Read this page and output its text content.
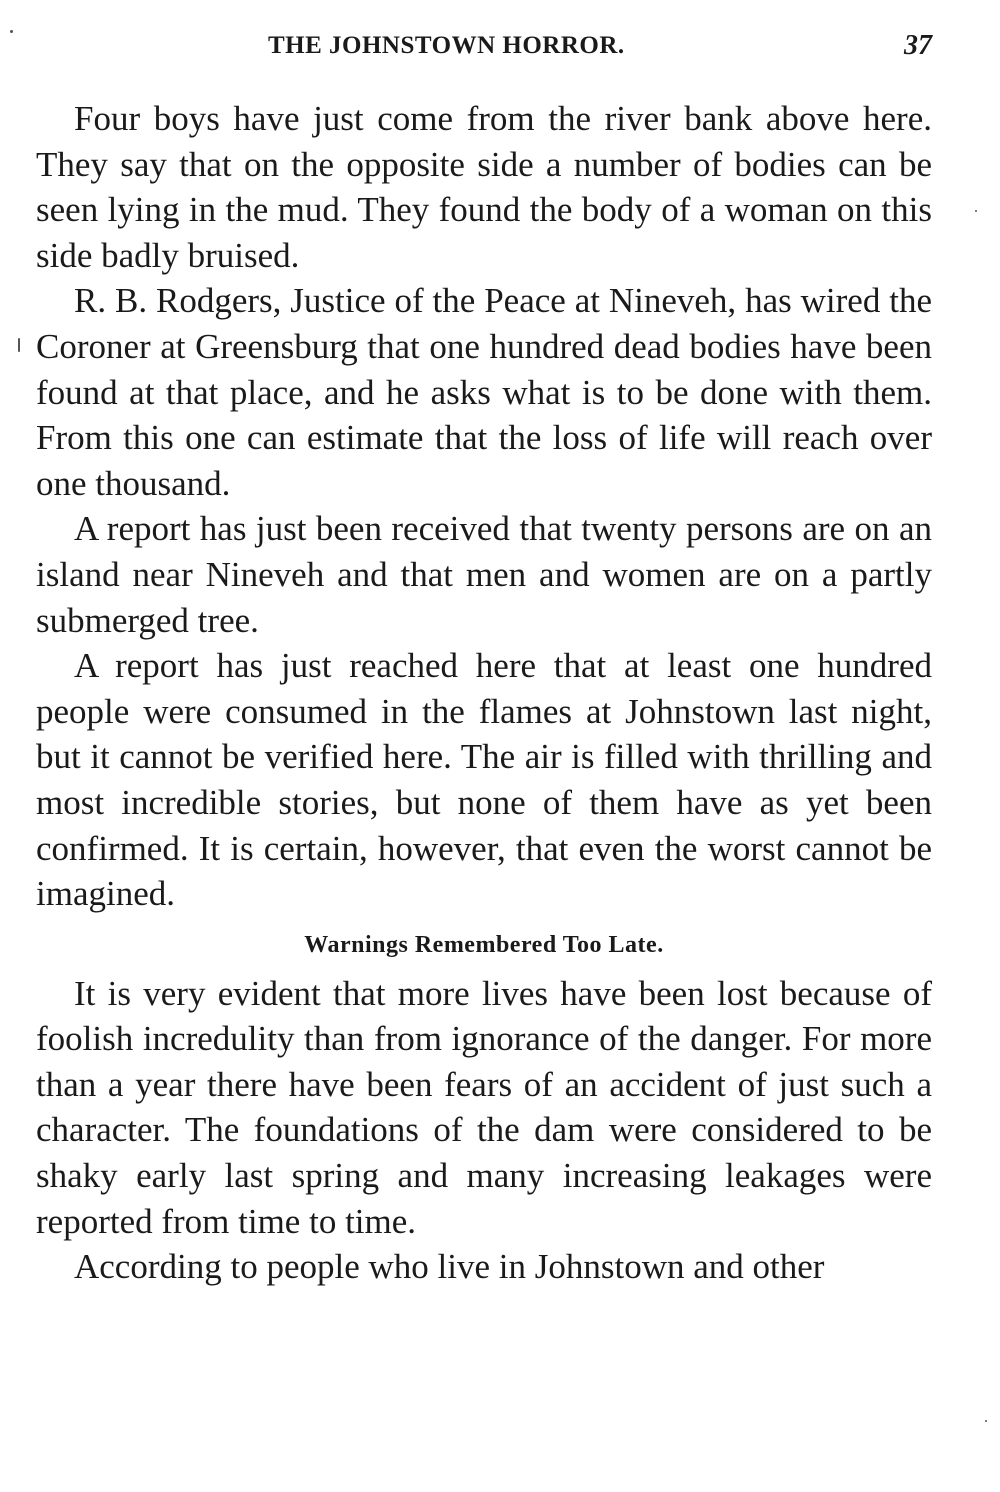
THE JOHNSTOWN HORROR.	37

Four boys have just come from the river bank above here. They say that on the opposite side a number of bodies can be seen lying in the mud. They found the body of a woman on this side badly bruised.

R. B. Rodgers, Justice of the Peace at Nineveh, has wired the Coroner at Greensburg that one hundred dead bodies have been found at that place, and he asks what is to be done with them. From this one can estimate that the loss of life will reach over one thousand.

A report has just been received that twenty persons are on an island near Nineveh and that men and women are on a partly submerged tree.

A report has just reached here that at least one hundred people were consumed in the flames at Johnstown last night, but it cannot be verified here. The air is filled with thrilling and most incredible stories, but none of them have as yet been confirmed. It is certain, however, that even the worst cannot be imagined.

Warnings Remembered Too Late.

It is very evident that more lives have been lost because of foolish incredulity than from ignorance of the danger. For more than a year there have been fears of an accident of just such a character. The foundations of the dam were considered to be shaky early last spring and many increasing leakages were reported from time to time.

According to people who live in Johnstown and other
